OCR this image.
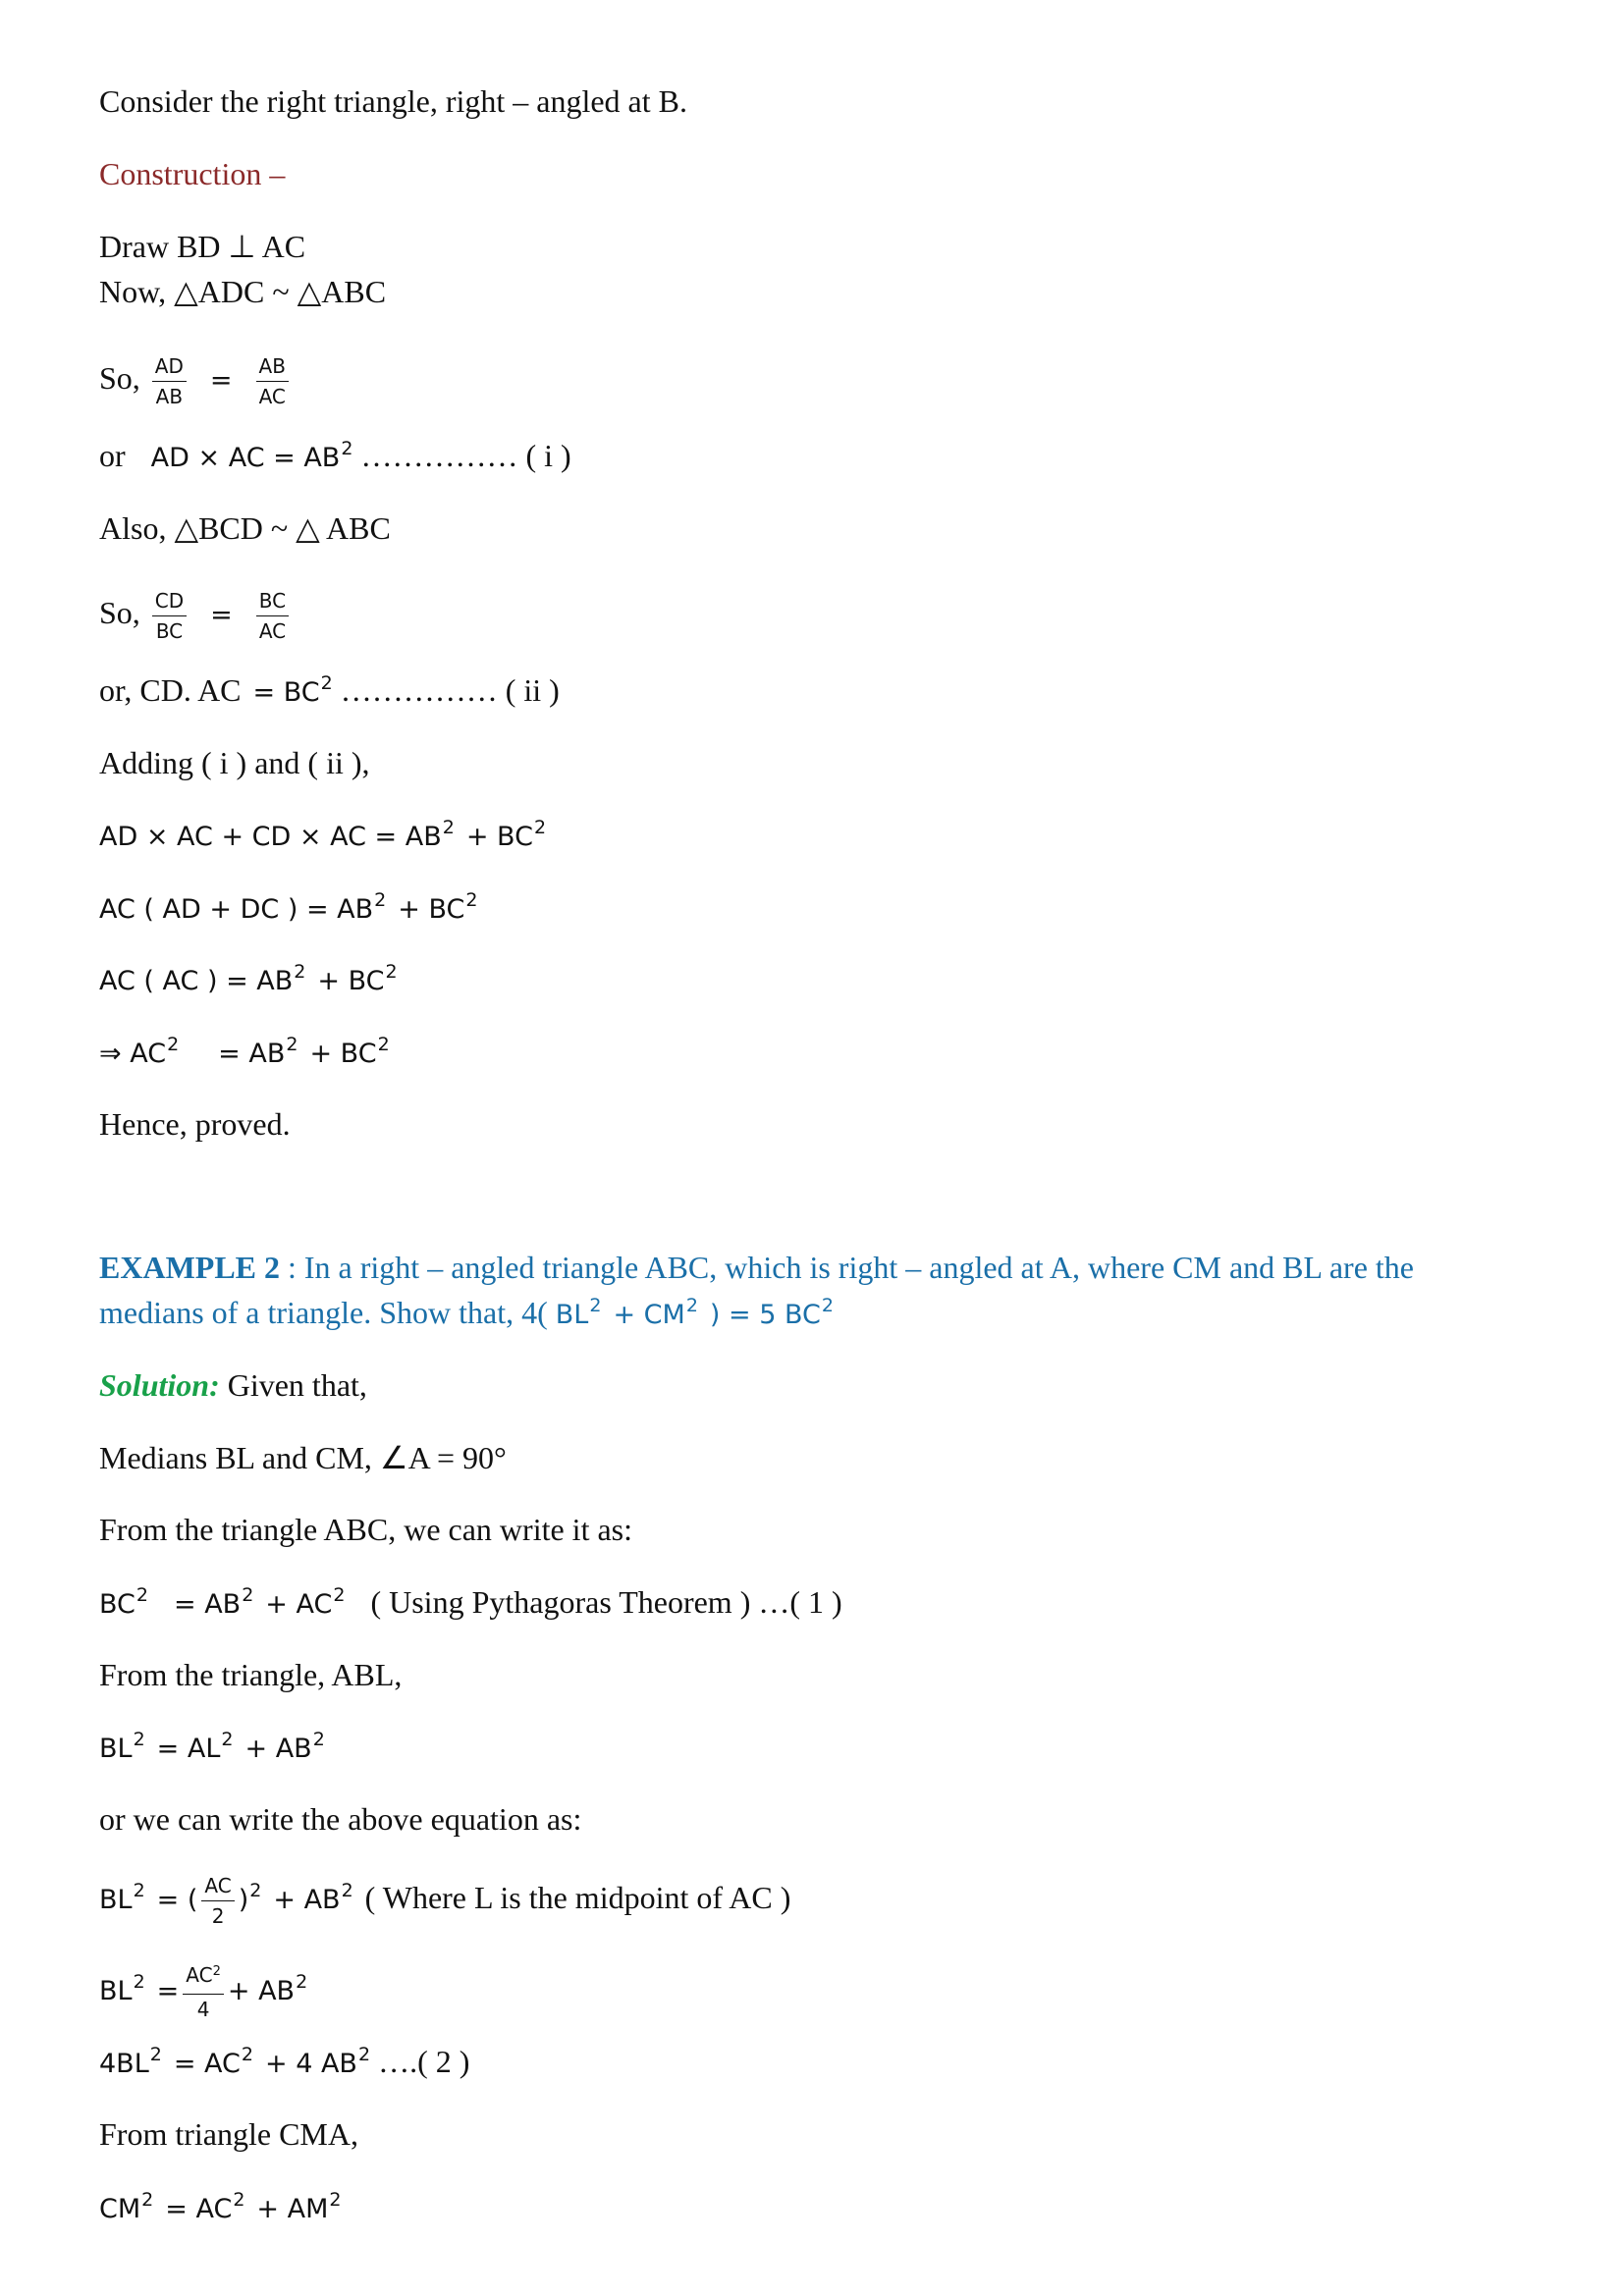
Consider the right triangle, right – angled at B.
Construction –
Draw BD ⊥ AC
Now, △ADC ~ △ABC
So, $\frac{AD}{AB} = \frac{AB}{AC}$
or AD × AC = $AB^2$ …………… ( i )
Also, △BCD ~ △ ABC
So, $\frac{CD}{BC} = \frac{BC}{AC}$
or, CD. AC = $BC^2$ …………… ( ii )
Adding ( i ) and ( ii ),
AD × AC + CD × AC = $AB^2 + BC^2$
AC ( AD + DC ) = $AB^2 + BC^2$
AC ( AC ) = $AB^2 + BC^2$
⇒ $AC^2 = AB^2 + BC^2$
Hence, proved.
EXAMPLE 2 : In a right – angled triangle ABC, which is right – angled at A, where CM and BL are the
medians of a triangle. Show that, 4( $BL^2 + CM^2$ ) = 5 $BC^2$
Solution: Given that,
Medians BL and CM, ∠A = 90°
From the triangle ABC, we can write it as:
$BC^2 = AB^2 + AC^2$ ( Using Pythagoras Theorem ) …( 1 )
From the triangle, ABL,
$BL^2 = AL^2 + AB^2$
or we can write the above equation as:
$BL^2$ = ( $\frac{AC}{2} )^2 + AB^2$ ( Where L is the midpoint of AC )
$BL^2 = \frac{AC^2}{4} + AB^2$
$4BL^2 = AC^2 + 4$ $AB^2$ ….( 2 )
From triangle CMA,
$CM^2 = AC^2 + AM^2$
